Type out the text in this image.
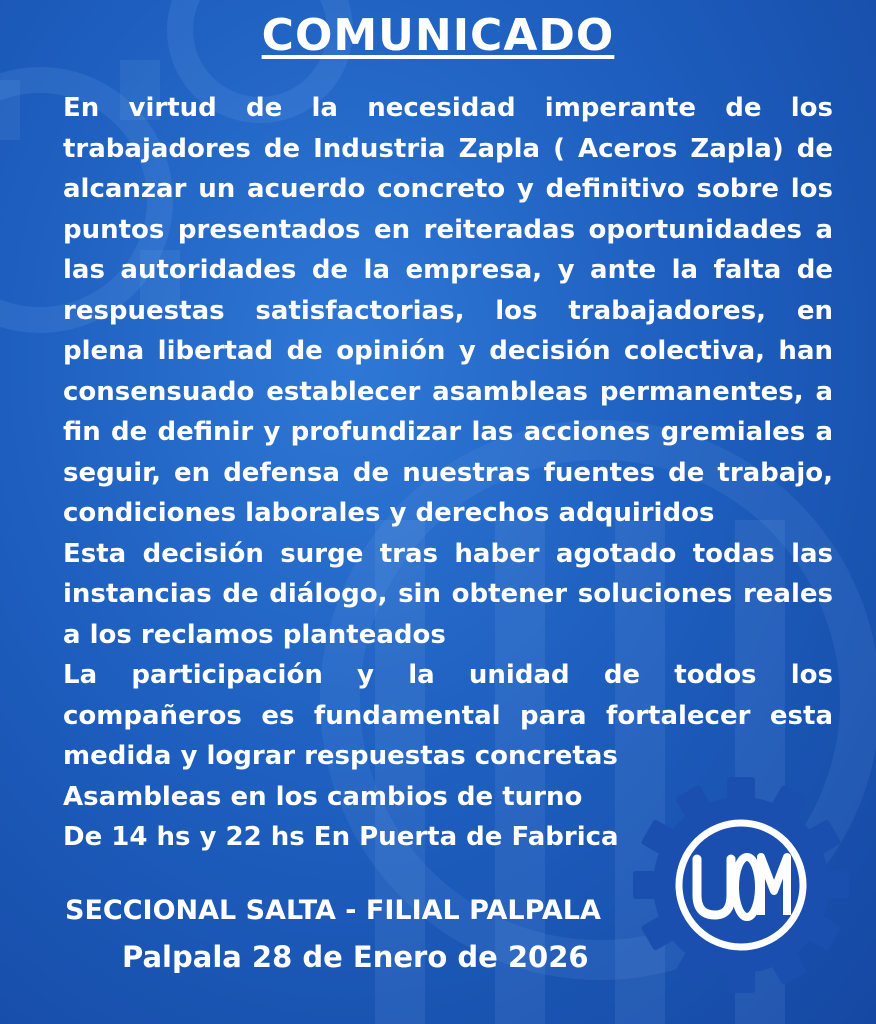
COMUNICADO

En virtud de la necesidad imperante de los trabajadores de Industria Zapla ( Aceros Zapla) de alcanzar un acuerdo concreto y definitivo sobre los puntos presentados en reiteradas oportunidades a las autoridades de la empresa, y ante la falta de respuestas satisfactorias, los trabajadores, en plena libertad de opinión y decisión colectiva, han consensuado establecer asambleas permanentes, a fin de definir y profundizar las acciones gremiales a seguir, en defensa de nuestras fuentes de trabajo, condiciones laborales y derechos adquiridos

Esta decisión surge tras haber agotado todas las instancias de diálogo, sin obtener soluciones reales a los reclamos planteados

La participación y la unidad de todos los compañeros es fundamental para fortalecer esta medida y lograr respuestas concretas

Asambleas en los cambios de turno
De 14 hs y 22 hs En Puerta de Fabrica
SECCIONAL SALTA - FILIAL PALPALA
Palpala 28 de Enero de 2026
